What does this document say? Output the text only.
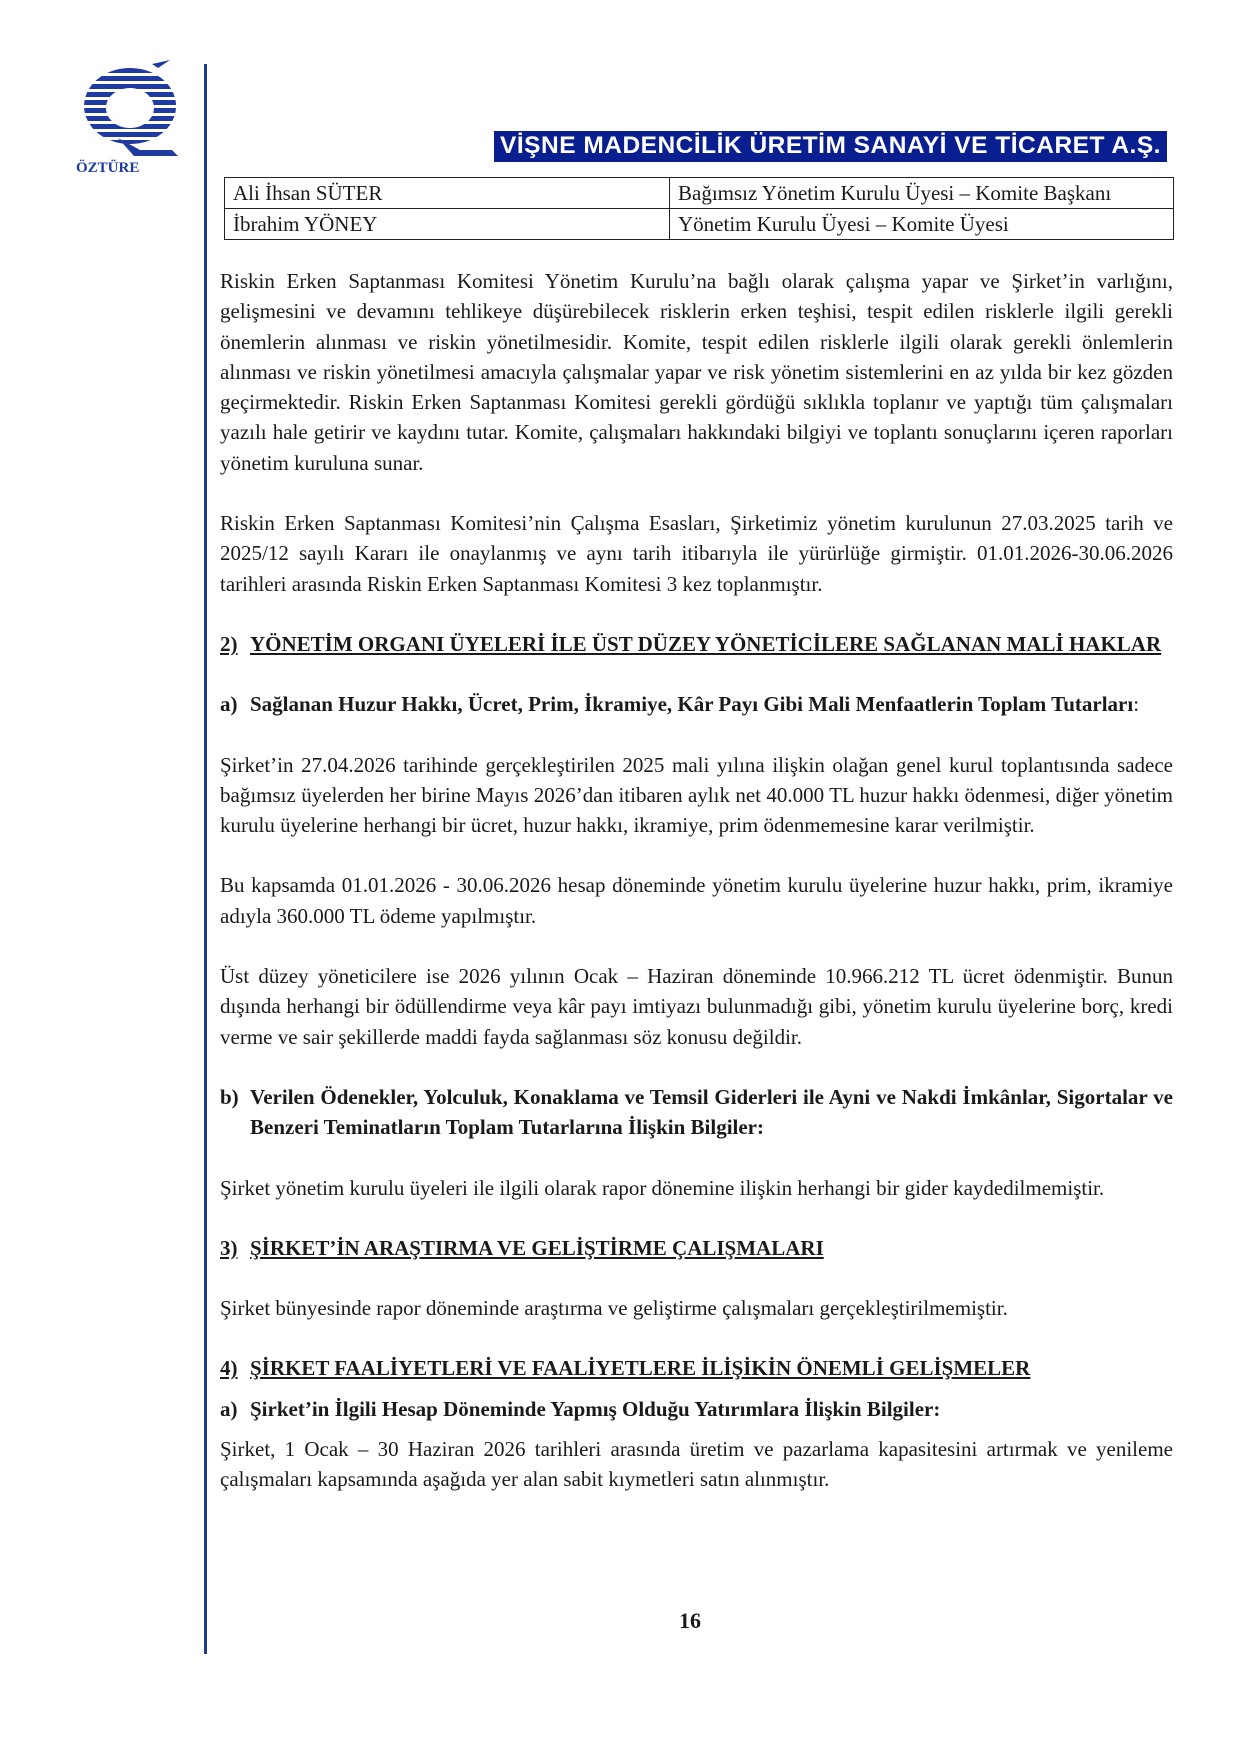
ÖZTÜRE
VİŞNE MADENCİLİK ÜRETİM SANAYİ VE TİCARET A.Ş.
Ali İhsan SÜTER	Bağımsız Yönetim Kurulu Üyesi – Komite Başkanı
İbrahim YÖNEY	Yönetim Kurulu Üyesi – Komite Üyesi

Riskin Erken Saptanması Komitesi Yönetim Kurulu’na bağlı olarak çalışma yapar ve Şirket’in varlığını, gelişmesini ve devamını tehlikeye düşürebilecek risklerin erken teşhisi, tespit edilen risklerle ilgili gerekli önemlerin alınması ve riskin yönetilmesidir. Komite, tespit edilen risklerle ilgili olarak gerekli önlemlerin alınması ve riskin yönetilmesi amacıyla çalışmalar yapar ve risk yönetim sistemlerini en az yılda bir kez gözden geçirmektedir. Riskin Erken Saptanması Komitesi gerekli gördüğü sıklıkla toplanır ve yaptığı tüm çalışmaları yazılı hale getirir ve kaydını tutar. Komite, çalışmaları hakkındaki bilgiyi ve toplantı sonuçlarını içeren raporları yönetim kuruluna sunar.

Riskin Erken Saptanması Komitesi’nin Çalışma Esasları, Şirketimiz yönetim kurulunun 27.03.2025 tarih ve 2025/12 sayılı Kararı ile onaylanmış ve aynı tarih itibarıyla ile yürürlüğe girmiştir. 01.01.2026-30.06.2026 tarihleri arasında Riskin Erken Saptanması Komitesi 3 kez toplanmıştır.

2) YÖNETİM ORGANI ÜYELERİ İLE ÜST DÜZEY YÖNETİCİLERE SAĞLANAN MALİ HAKLAR
a) Sağlanan Huzur Hakkı, Ücret, Prim, İkramiye, Kâr Payı Gibi Mali Menfaatlerin Toplam Tutarları:

Şirket’in 27.04.2026 tarihinde gerçekleştirilen 2025 mali yılına ilişkin olağan genel kurul toplantısında sadece bağımsız üyelerden her birine Mayıs 2026’dan itibaren aylık net 40.000 TL huzur hakkı ödenmesi, diğer yönetim kurulu üyelerine herhangi bir ücret, huzur hakkı, ikramiye, prim ödenmemesine karar verilmiştir.

Bu kapsamda 01.01.2026 - 30.06.2026 hesap döneminde yönetim kurulu üyelerine huzur hakkı, prim, ikramiye adıyla 360.000 TL ödeme yapılmıştır.

Üst düzey yöneticilere ise 2026 yılının Ocak – Haziran döneminde 10.966.212 TL ücret ödenmiştir. Bunun dışında herhangi bir ödüllendirme veya kâr payı imtiyazı bulunmadığı gibi, yönetim kurulu üyelerine borç, kredi verme ve sair şekillerde maddi fayda sağlanması söz konusu değildir.

b) Verilen Ödenekler, Yolculuk, Konaklama ve Temsil Giderleri ile Ayni ve Nakdi İmkânlar, Sigortalar ve Benzeri Teminatların Toplam Tutarlarına İlişkin Bilgiler:

Şirket yönetim kurulu üyeleri ile ilgili olarak rapor dönemine ilişkin herhangi bir gider kaydedilmemiştir.

3) ŞİRKET’İN ARAŞTIRMA VE GELİŞTİRME ÇALIŞMALARI

Şirket bünyesinde rapor döneminde araştırma ve geliştirme çalışmaları gerçekleştirilmemiştir.

4) ŞİRKET FAALİYETLERİ VE FAALİYETLERE İLİŞİKİN ÖNEMLİ GELİŞMELER
a) Şirket’in İlgili Hesap Döneminde Yapmış Olduğu Yatırımlara İlişkin Bilgiler:

Şirket, 1 Ocak – 30 Haziran 2026 tarihleri arasında üretim ve pazarlama kapasitesini artırmak ve yenileme çalışmaları kapsamında aşağıda yer alan sabit kıymetleri satın alınmıştır.

16
